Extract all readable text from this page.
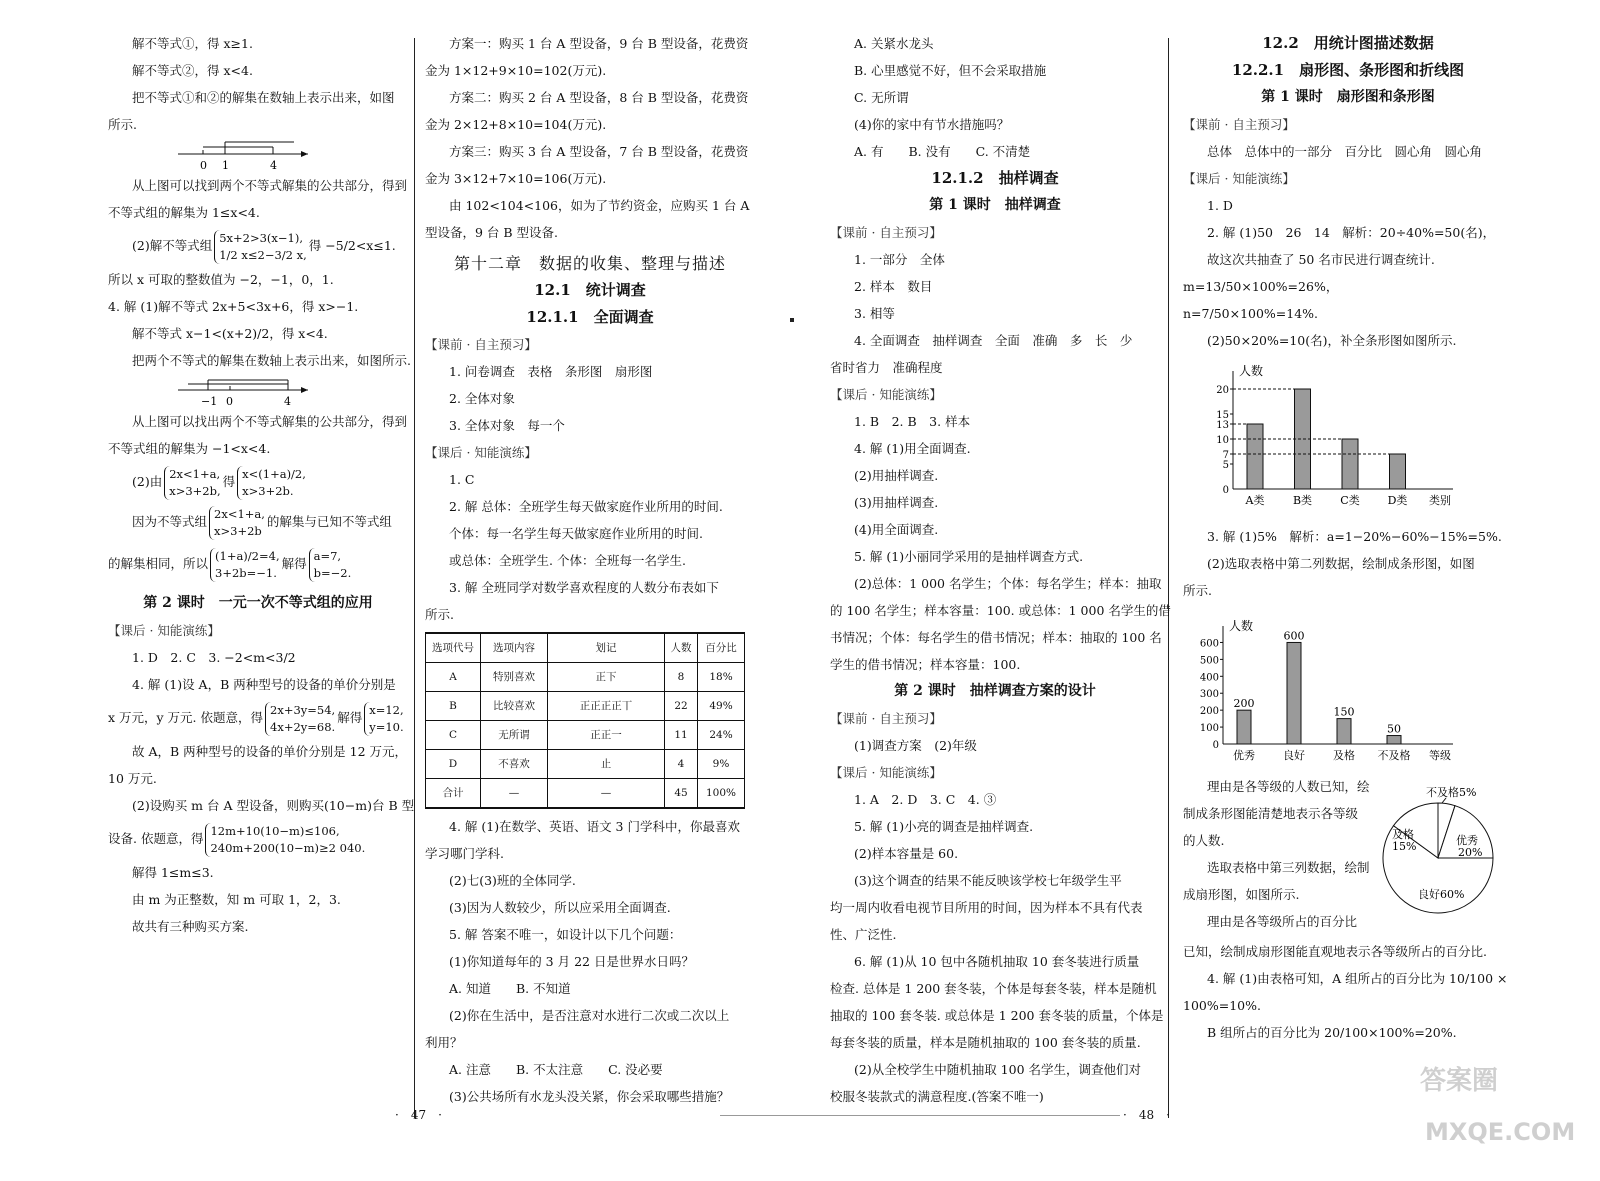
解不等式①，得 x≥1.
解不等式②，得 x<4.
把不等式①和②的解集在数轴上表示出来，如图
所示.
0 1	4
从上图可以找到两个不等式解集的公共部分，得到
不等式组的解集为 1≤x<4.
(2)解不等式组
5x+2>3(x−1),
1/2 x≤2−3/2 x,
得 −5/2<x≤1.
所以 x 可取的整数值为 −2，−1，0，1.
4. 解 (1)解不等式 2x+5<3x+6，得 x>−1.
解不等式 x−1<(x+2)/2，得 x<4.
把两个不等式的解集在数轴上表示出来，如图所示.
−1 0	4
从上图可以找出两个不等式解集的公共部分，得到
不等式组的解集为 −1<x<4.
(2)由
2x<1+a,
x>3+2b,
得
x<(1+a)/2,
x>3+2b.
因为不等式组
2x<1+a,
x>3+2b
的解集与已知不等式组
的解集相同，所以
(1+a)/2=4,
3+2b=−1.
解得
a=7,
b=−2.
第 2 课时　一元一次不等式组的应用
【课后 · 知能演练】
1. D　2. C　3. −2<m<3/2
4. 解 (1)设 A，B 两种型号的设备的单价分别是
x 万元，y 万元. 依题意，得
2x+3y=54,
4x+2y=68.
解得
x=12,
y=10.
故 A，B 两种型号的设备的单价分别是 12 万元，
10 万元.
(2)设购买 m 台 A 型设备，则购买(10−m)台 B 型
设备. 依题意，得
12m+10(10−m)≤106,
240m+200(10−m)≥2 040.
解得 1≤m≤3.
由 m 为正整数，知 m 可取 1，2，3.
故共有三种购买方案.
方案一：购买 1 台 A 型设备，9 台 B 型设备，花费资
金为 1×12+9×10=102(万元).
方案二：购买 2 台 A 型设备，8 台 B 型设备，花费资
金为 2×12+8×10=104(万元).
方案三：购买 3 台 A 型设备，7 台 B 型设备，花费资
金为 3×12+7×10=106(万元).
由 102<104<106，如为了节约资金，应购买 1 台 A
型设备，9 台 B 型设备.
第十二章　数据的收集、整理与描述
12.1　统计调查
12.1.1　全面调查
【课前 · 自主预习】
1. 问卷调查　表格　条形图　扇形图
2. 全体对象
3. 全体对象　每一个
【课后 · 知能演练】
1. C
2. 解 总体：全班学生每天做家庭作业所用的时间.
个体：每一名学生每天做家庭作业所用的时间.
或总体：全班学生. 个体：全班每一名学生.
3. 解 全班同学对数学喜欢程度的人数分布表如下
所示.
选项代号	选项内容	划记	人数	百分比
A	特别喜欢	正下	8	18%
B	比较喜欢	正正正正丅	22	49%
C	无所谓	正正一	11	24%
D	不喜欢	止	4	9%
合计	—	—	45	100%
4. 解 (1)在数学、英语、语文 3 门学科中，你最喜欢
学习哪门学科.
(2)七(3)班的全体同学.
(3)因为人数较少，所以应采用全面调查.
5. 解 答案不唯一，如设计以下几个问题：
(1)你知道每年的 3 月 22 日是世界水日吗？
A. 知道　　B. 不知道
(2)你在生活中，是否注意对水进行二次或二次以上
利用？
A. 注意　　B. 不太注意　　C. 没必要
(3)公共场所有水龙头没关紧，你会采取哪些措施？
A. 关紧水龙头
B. 心里感觉不好，但不会采取措施
C. 无所谓
(4)你的家中有节水措施吗？
A. 有　　B. 没有　　C. 不清楚
12.1.2　抽样调查
第 1 课时　抽样调查
【课前 · 自主预习】
1. 一部分　全体
2. 样本　数目
3. 相等
4. 全面调查　抽样调查　全面　准确　多　长　少
省时省力　准确程度
【课后 · 知能演练】
1. B　2. B　3. 样本
4. 解 (1)用全面调查.
(2)用抽样调查.
(3)用抽样调查.
(4)用全面调查.
5. 解 (1)小丽同学采用的是抽样调查方式.
(2)总体：1 000 名学生；个体：每名学生；样本：抽取
的 100 名学生；样本容量：100. 或总体：1 000 名学生的借
书情况；个体：每名学生的借书情况；样本：抽取的 100 名
学生的借书情况；样本容量：100.
第 2 课时　抽样调查方案的设计
【课前 · 自主预习】
(1)调查方案　(2)年级
【课后 · 知能演练】
1. A　2. D　3. C　4. ③
5. 解 (1)小亮的调查是抽样调查.
(2)样本容量是 60.
(3)这个调查的结果不能反映该学校七年级学生平
均一周内收看电视节目所用的时间，因为样本不具有代表
性、广泛性.
6. 解 (1)从 10 包中各随机抽取 10 套冬装进行质量
检查. 总体是 1 200 套冬装，个体是每套冬装，样本是随机
抽取的 100 套冬装. 或总体是 1 200 套冬装的质量，个体是
每套冬装的质量，样本是随机抽取的 100 套冬装的质量.
(2)从全校学生中随机抽取 100 名学生，调查他们对
校服冬装款式的满意程度.(答案不唯一)
12.2　用统计图描述数据
12.2.1　扇形图、条形图和折线图
第 1 课时　扇形图和条形图
【课前 · 自主预习】
总体　总体中的一部分　百分比　圆心角　圆心角
【课后 · 知能演练】
1. D
2. 解 (1)50　26　14　解析：20÷40%=50(名)，
故这次共抽查了 50 名市民进行调查统计.
m=13/50×100%=26%，
n=7/50×100%=14%.
(2)50×20%=10(名)，补全条形图如图所示.
人数
类别
0
5
7
10
13
15
20
A类	B类	C类	D类
3. 解 (1)5%　解析：a=1−20%−60%−15%=5%.
(2)选取表格中第二列数据，绘制成条形图，如图
所示.
人数
等级
0
100
200
300
400
500
600
优秀
200
良好
600
及格
150
不及格
50
理由是各等级的人数已知，绘
制成条形图能清楚地表示各等级
的人数.
选取表格中第三列数据，绘制
成扇形图，如图所示.
理由是各等级所占的百分比
优秀
20%
良好60%
及格
15%
不及格5%
已知，绘制成扇形图能直观地表示各等级所占的百分比.
4. 解 (1)由表格可知，A 组所占的百分比为 10/100 ×
100%=10%.
B 组所占的百分比为 20/100×100%=20%.
·　47　·	·　48　·
答案圈
MXQE.COM
